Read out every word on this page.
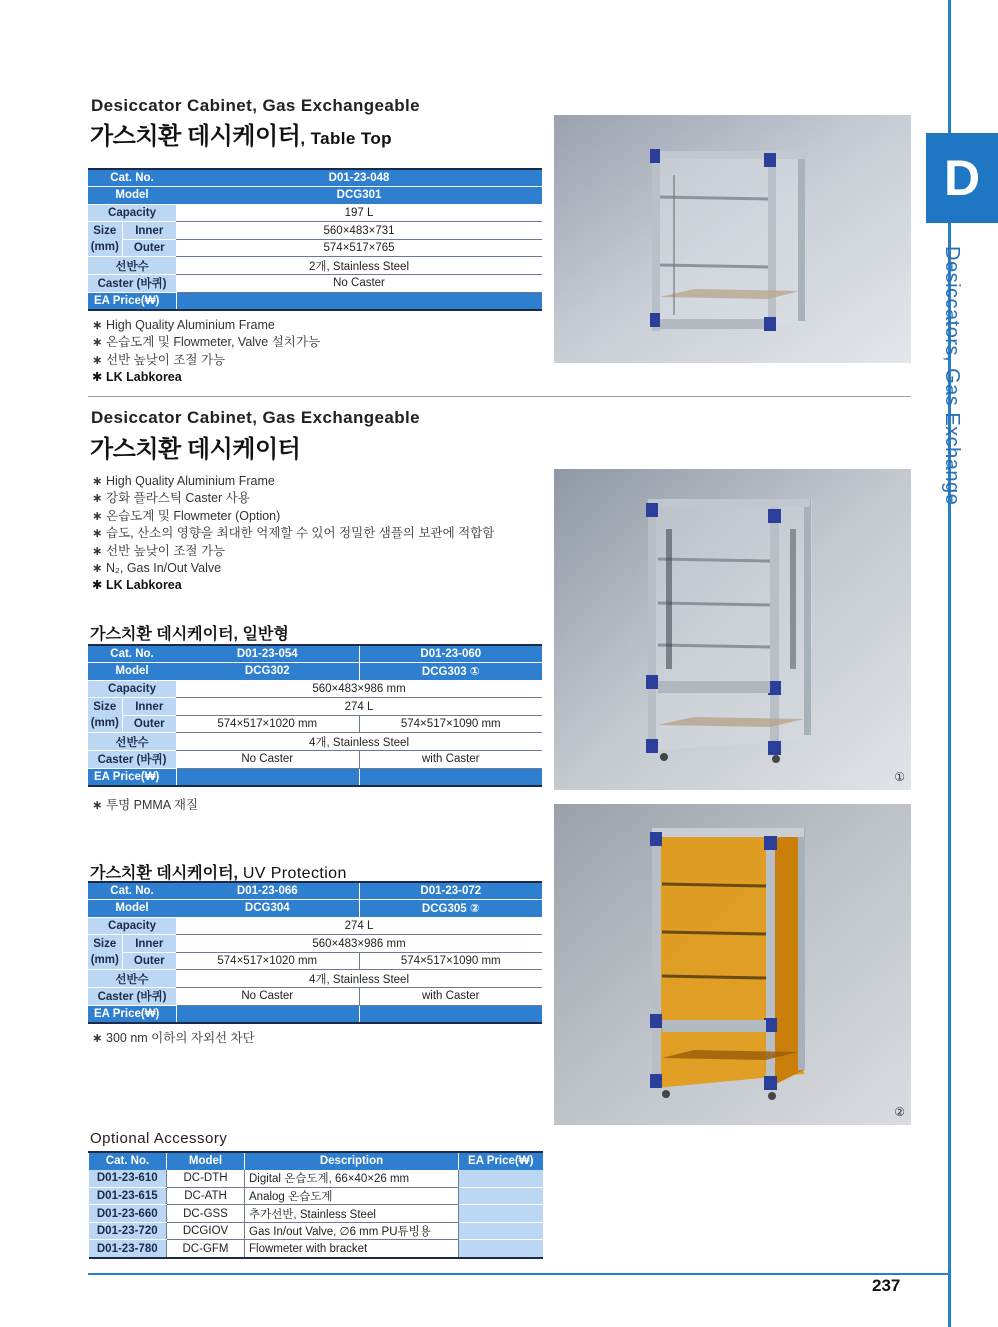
D
Desiccators, Gas Exchange
Desiccator Cabinet, Gas Exchangeable
가스치환 데시케이터, Table Top
Cat. No.		D01-23-048
Model		DCG301
Capacity		197 L
Size (mm)	Inner	560×483×731
	Outer	574×517×765
선반수		2개, Stainless Steel
Caster (바퀴)		No Caster
EA Price(₩)		
∗ High Quality Aluminium Frame
∗ 온습도계 및 Flowmeter, Valve 설치가능
∗ 선반 높낮이 조절 가능
✱ LK Labkorea
Desiccator Cabinet, Gas Exchangeable
가스치환 데시케이터
∗ High Quality Aluminium Frame
∗ 강화 플라스틱 Caster 사용
∗ 온습도계 및 Flowmeter (Option)
∗ 습도, 산소의 영향을 최대한 억제할 수 있어 정밀한 샘플의 보관에 적합함
∗ 선반 높낮이 조절 가능
∗ N₂, Gas In/Out Valve
✱ LK Labkorea
가스치환 데시케이터, 일반형
Cat. No.		D01-23-054	D01-23-060
Model		DCG302	DCG303 ①
Capacity		560×483×986 mm	
Size (mm)	Inner	274 L	
	Outer	574×517×1020 mm	574×517×1090 mm
선반수		4개, Stainless Steel	
Caster (바퀴)		No Caster	with Caster
EA Price(₩)			
∗ 투명 PMMA 재질
가스치환 데시케이터, UV Protection
Cat. No.		D01-23-066	D01-23-072
Model		DCG304	DCG305 ②
Capacity		274 L	
Size (mm)	Inner	560×483×986 mm	
	Outer	574×517×1020 mm	574×517×1090 mm
선반수		4개, Stainless Steel	
Caster (바퀴)		No Caster	with Caster
EA Price(₩)			
∗ 300 nm 이하의 자외선 차단
①
②
Optional Accessory
Cat. No.	Model	Description	EA Price(₩)
D01-23-610	DC-DTH	Digital 온습도계, 66×40×26 mm	
D01-23-615	DC-ATH	Analog 온습도계	
D01-23-660	DC-GSS	추가선반, Stainless Steel	
D01-23-720	DCGIOV	Gas In/out Valve, ∅6 mm PU튜빙용	
D01-23-780	DC-GFM	Flowmeter with bracket	
237
